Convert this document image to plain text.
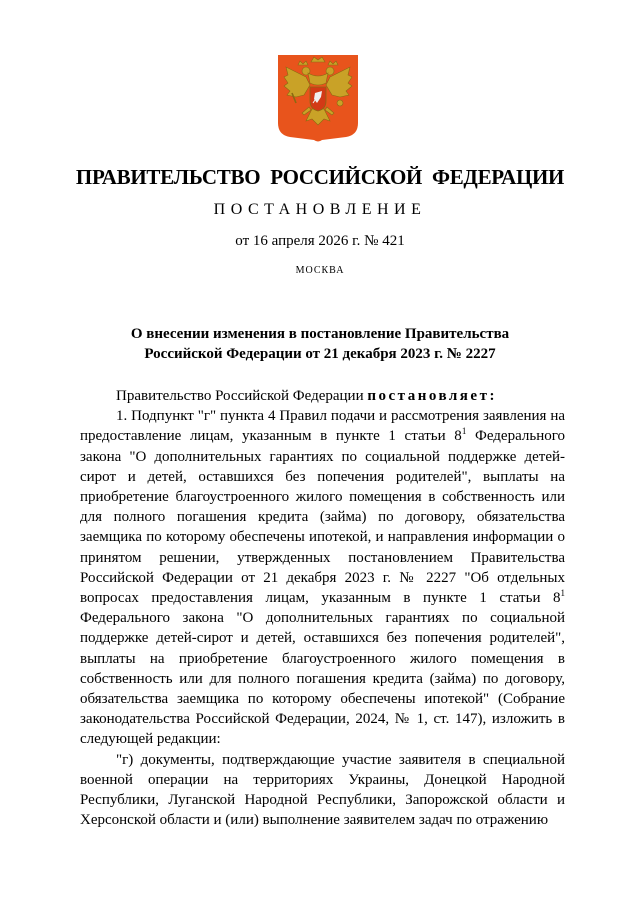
ПРАВИТЕЛЬСТВО РОССИЙСКОЙ ФЕДЕРАЦИИ
ПОСТАНОВЛЕНИЕ
от 16 апреля 2026 г. № 421
МОСКВА
О внесении изменения в постановление Правительства
Российской Федерации от 21 декабря 2023 г. № 2227

Правительство Российской Федерации постановляет:

1. Подпункт "г" пункта 4 Правил подачи и рассмотрения заявления на предоставление лицам, указанным в пункте 1 статьи $8^1$ Федерального закона "О дополнительных гарантиях по социальной поддержке детей-сирот и детей, оставшихся без попечения родителей", выплаты на приобретение благоустроенного жилого помещения в собственность или для полного погашения кредита (займа) по договору, обязательства заемщика по которому обеспечены ипотекой, и направления информации о принятом решении, утвержденных постановлением Правительства Российской Федерации от 21 декабря 2023 г. № 2227 "Об отдельных вопросах предоставления лицам, указанным в пункте 1 статьи $8^1$ Федерального закона "О дополнительных гарантиях по социальной поддержке детей-сирот и детей, оставшихся без попечения родителей", выплаты на приобретение благоустроенного жилого помещения в собственность или для полного погашения кредита (займа) по договору, обязательства заемщика по которому обеспечены ипотекой" (Собрание законодательства Российской Федерации, 2024, № 1, ст. 147), изложить в следующей редакции:

"г) документы, подтверждающие участие заявителя в специальной военной операции на территориях Украины, Донецкой Народной Республики, Луганской Народной Республики, Запорожской области и Херсонской области и (или) выполнение заявителем задач по отражению
